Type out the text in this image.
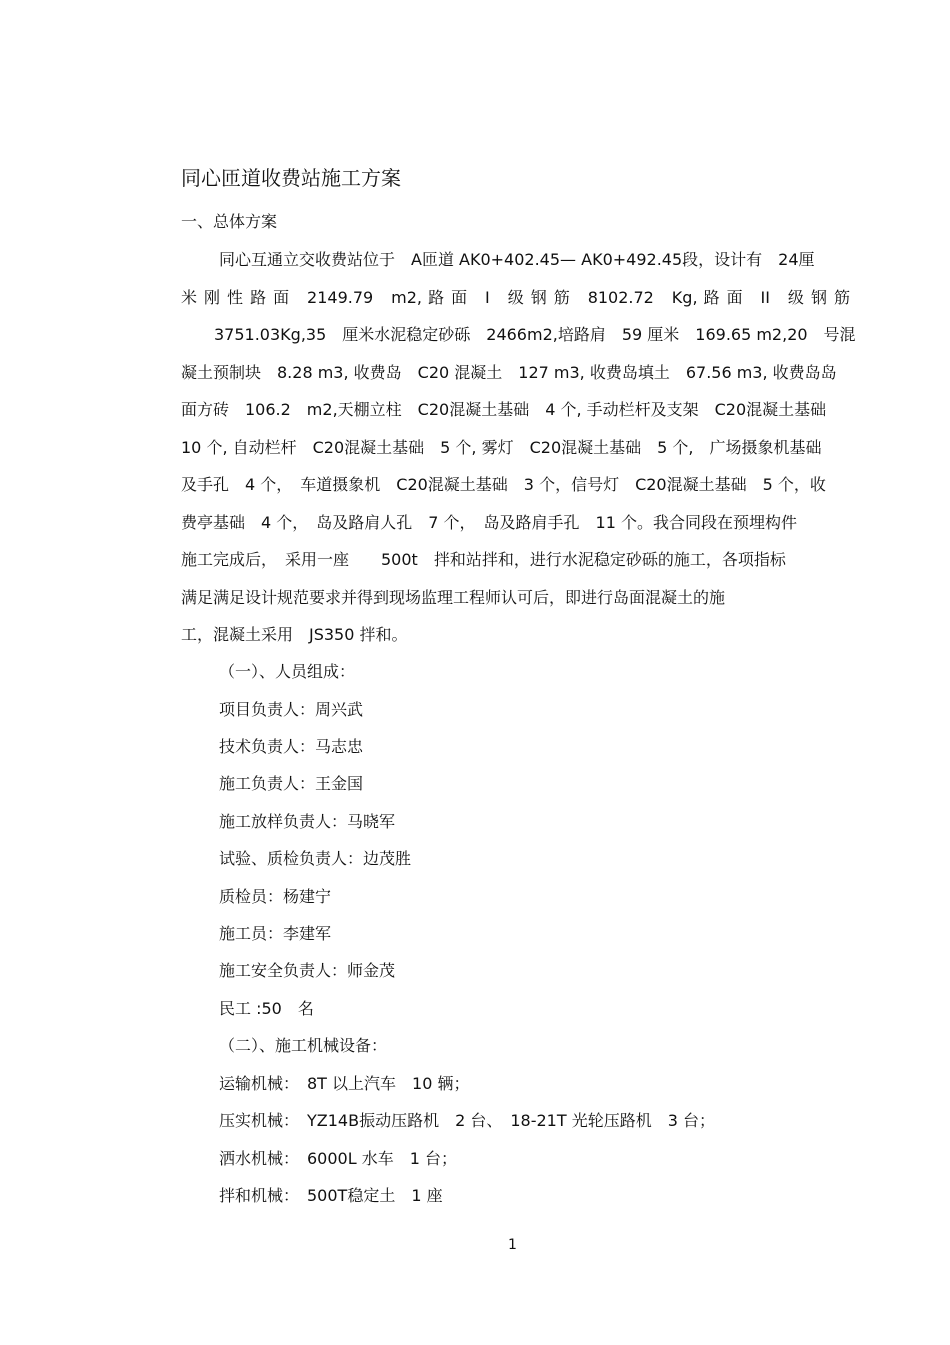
同心匝道收费站施工方案
一、总体方案
同心互通立交收费站位于　A匝道 AK0+402.45— AK0+492.45段，设计有　24厘
米 刚 性 路 面　2149.79　m2, 路 面　I　级 钢 筋　8102.72　Kg, 路 面　II　级 钢 筋
3751.03Kg,35　厘米水泥稳定砂砾　2466m2,培路肩　59 厘米　169.65 m2,20　号混
凝土预制块　8.28 m3, 收费岛　C20 混凝土　127 m3, 收费岛填土　67.56 m3, 收费岛岛
面方砖　106.2　m2,天棚立柱　C20混凝土基础　4 个, 手动栏杆及支架　C20混凝土基础
10 个, 自动栏杆　C20混凝土基础　5 个, 雾灯　C20混凝土基础　5 个,　广场摄象机基础
及手孔　4 个，　车道摄象机　C20混凝土基础　3 个，信号灯　C20混凝土基础　5 个，收
费亭基础　4 个，　岛及路肩人孔　7 个，　岛及路肩手孔　11 个。我合同段在预埋构件
施工完成后，　采用一座　　500t　拌和站拌和，进行水泥稳定砂砾的施工，各项指标
满足满足设计规范要求并得到现场监理工程师认可后，即进行岛面混凝土的施
工，混凝土采用　JS350 拌和。
（一）、人员组成：
项目负责人：周兴武
技术负责人：马志忠
施工负责人：王金国
施工放样负责人：马晓军
试验、质检负责人：边茂胜
质检员：杨建宁
施工员：李建军
施工安全负责人：师金茂
民工 :50　名
（二）、施工机械设备：
运输机械：　8T 以上汽车　10 辆；
压实机械：　YZ14B振动压路机　2 台、　18-21T 光轮压路机　3 台；
洒水机械：　6000L 水车　1 台；
拌和机械：　500T稳定土　1 座
1
